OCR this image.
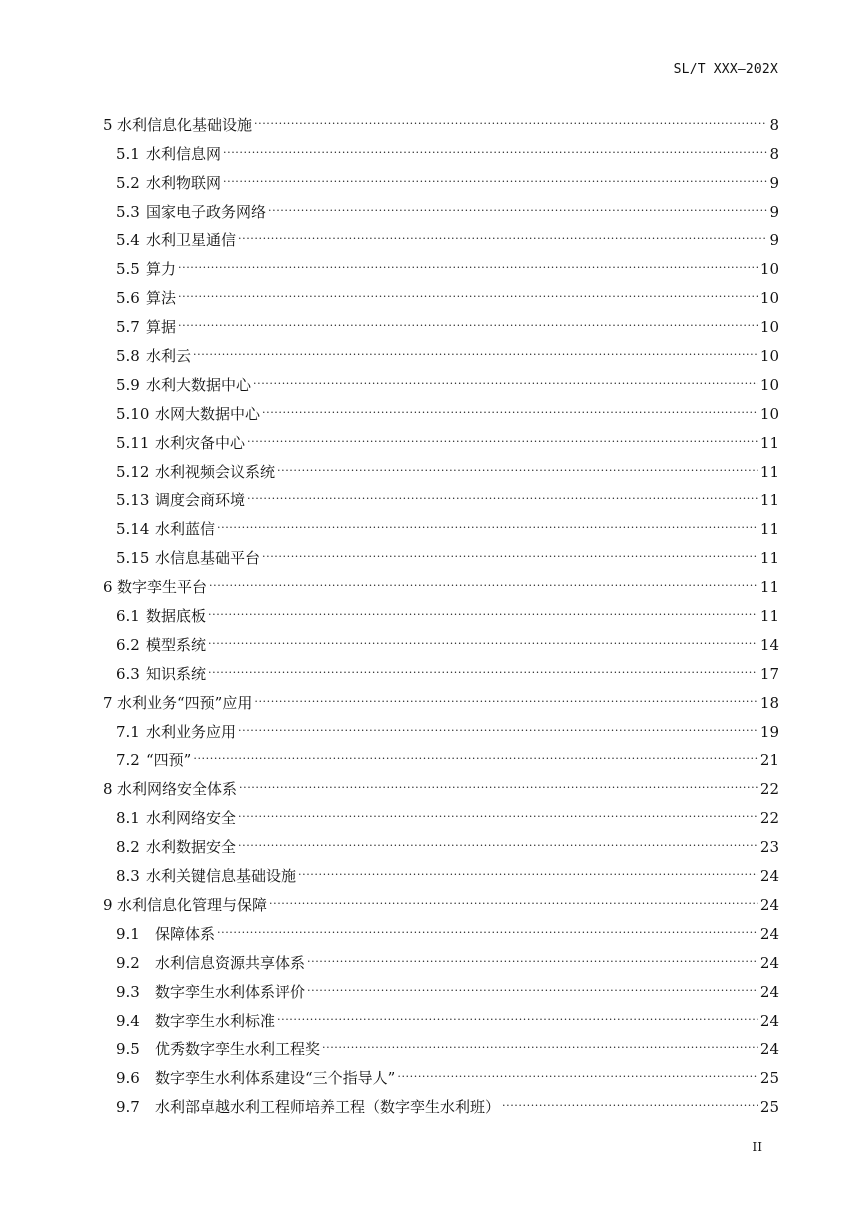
SL/T XXX—202X
5 水利信息化基础设施 .....	8
5.1 水利信息网 .....	8
5.2 水利物联网 .....	9
5.3 国家电子政务网络 .....	9
5.4 水利卫星通信 .....	9
5.5 算力 .....	10
5.6 算法 .....	10
5.7 算据 .....	10
5.8 水利云 .....	10
5.9 水利大数据中心 .....	10
5.10 水网大数据中心 .....	10
5.11 水利灾备中心 .....	11
5.12 水利视频会议系统 .....	11
5.13 调度会商环境 .....	11
5.14 水利蓝信 .....	11
5.15 水信息基础平台 .....	11
6 数字孪生平台 .....	11
6.1 数据底板 .....	11
6.2 模型系统 .....	14
6.3 知识系统 .....	17
7 水利业务“四预”应用 .....	18
7.1 水利业务应用 .....	19
7.2 “四预” .....	21
8 水利网络安全体系 .....	22
8.1 水利网络安全 .....	22
8.2 水利数据安全 .....	23
8.3 水利关键信息基础设施 .....	24
9 水利信息化管理与保障 .....	24
9.1	保障体系 .....	24
9.2	水利信息资源共享体系 .....	24
9.3	数字孪生水利体系评价 .....	24
9.4	数字孪生水利标准 .....	24
9.5	优秀数字孪生水利工程奖 .....	24
9.6	数字孪生水利体系建设“三个指导人” .....	25
9.7	水利部卓越水利工程师培养工程（数字孪生水利班） .....	25
II
